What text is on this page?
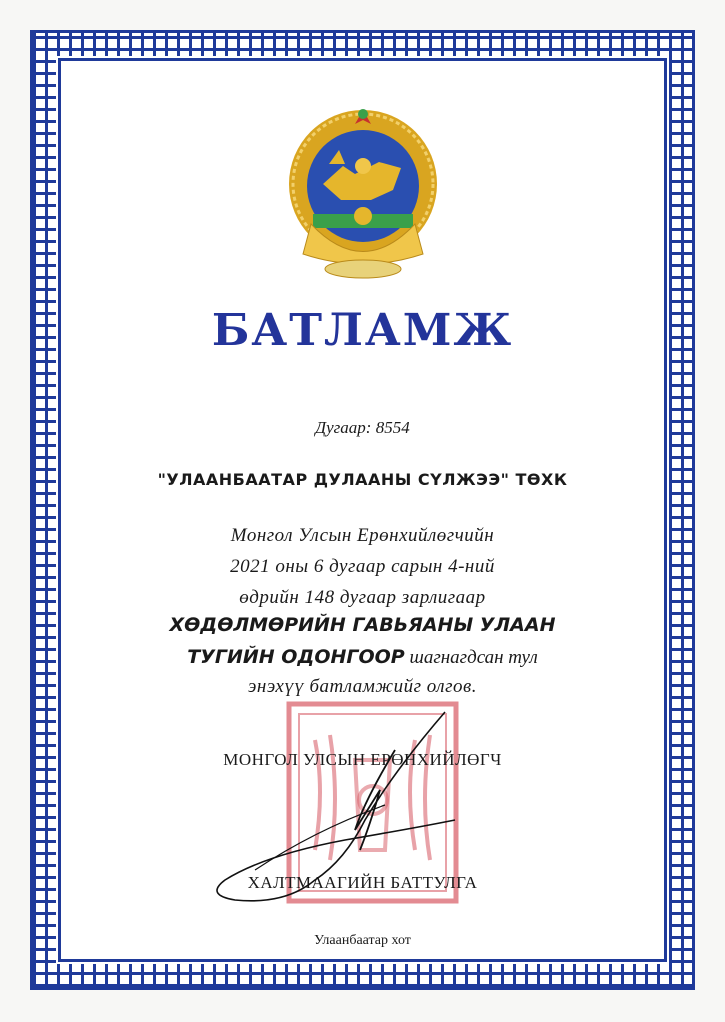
БАТЛАМЖ
Дугаар: 8554
"УЛААНБААТАР ДУЛААНЫ СҮЛЖЭЭ" ТӨХК
Монгол Улсын Ерөнхийлөгчийн
2021 оны 6 дугаар сарын 4-ний
өдрийн 148 дугаар зарлигаар
ХӨДӨЛМӨРИЙН ГАВЬЯАНЫ УЛААН
ТУГИЙН ОДОНГООР шагнагдсан тул
энэхүү батламжийг олгов.
МОНГОЛ УЛСЫН ЕРӨНХИЙЛӨГЧ
ХАЛТМААГИЙН БАТТУЛГА
Улаанбаатар хот
